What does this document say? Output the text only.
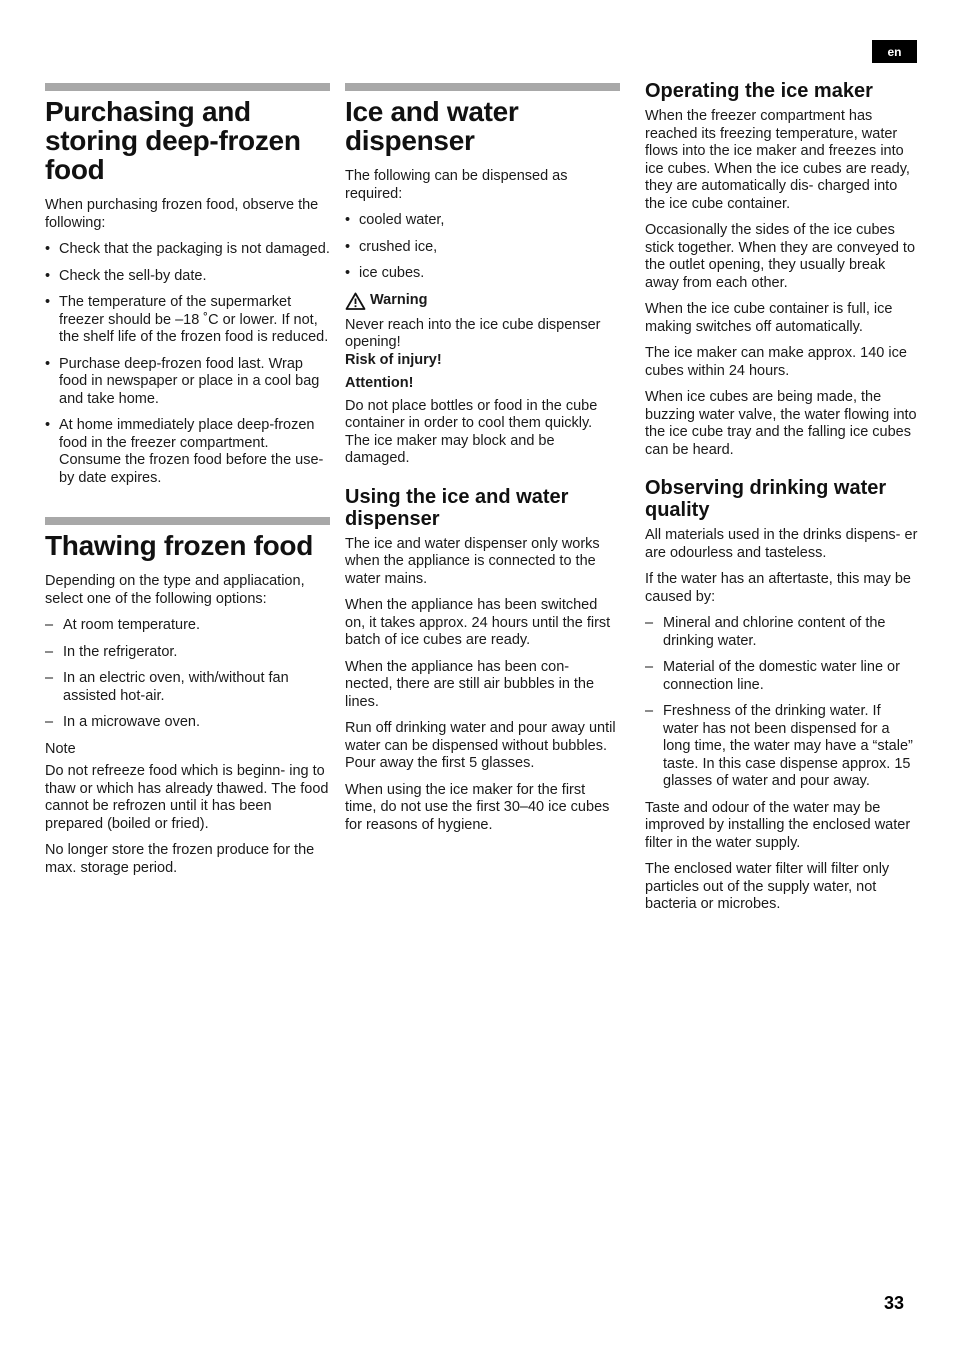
en
Purchasing and storing deep-frozen food

When purchasing frozen food, observe the following:

• Check that the packaging is not damaged.
• Check the sell-by date.
• The temperature of the supermarket freezer should be –18 ˚C or lower. If not, the shelf life of the frozen food is reduced.
• Purchase deep-frozen food last. Wrap food in newspaper or place in a cool bag and take home.
• At home immediately place deep-frozen food in the freezer compartment. Consume the frozen food before the use-by date expires.
Thawing frozen food

Depending on the type and appliacation, select one of the following options:

– At room temperature.
– In the refrigerator.
– In an electric oven, with/without fan assisted hot-air.
– In a microwave oven.

Note

Do not refreeze food which is beginn- ing to thaw or which has already thawed. The food cannot be refrozen until it has been prepared (boiled or fried).

No longer store the frozen produce for the max. storage period.

Ice and water dispenser

The following can be dispensed as required:

• cooled water,
• crushed ice,
• ice cubes.
Warning

Never reach into the ice cube dispenser opening!

Risk of injury!

Attention!

Do not place bottles or food in the cube container in order to cool them quickly. The ice maker may block and be damaged.

Using the ice and water dispenser

The ice and water dispenser only works when the appliance is connected to the water mains.

When the appliance has been switched on, it takes approx. 24 hours until the first batch of ice cubes are ready.

When the appliance has been con- nected, there are still air bubbles in the lines.

Run off drinking water and pour away until water can be dispensed without bubbles. Pour away the first 5 glasses.

When using the ice maker for the first time, do not use the first 30–40 ice cubes for reasons of hygiene.

Operating the ice maker

When the freezer compartment has reached its freezing temperature, water flows into the ice maker and freezes into ice cubes. When the ice cubes are ready, they are automatically dis- charged into the ice cube container.

Occasionally the sides of the ice cubes stick together. When they are conveyed to the outlet opening, they usually break away from each other.

When the ice cube container is full, ice making switches off automatically.

The ice maker can make approx. 140 ice cubes within 24 hours.

When ice cubes are being made, the buzzing water valve, the water flowing into the ice cube tray and the falling ice cubes can be heard.

Observing drinking water quality

All materials used in the drinks dispens- er are odourless and tasteless.

If the water has an aftertaste, this may be caused by:

– Mineral and chlorine content of the drinking water.
– Material of the domestic water line or connection line.
– Freshness of the drinking water. If water has not been dispensed for a long time, the water may have a “stale” taste. In this case dispense approx. 15 glasses of water and pour away.

Taste and odour of the water may be improved by installing the enclosed water filter in the water supply.

The enclosed water filter will filter only particles out of the supply water, not bacteria or microbes.

33
